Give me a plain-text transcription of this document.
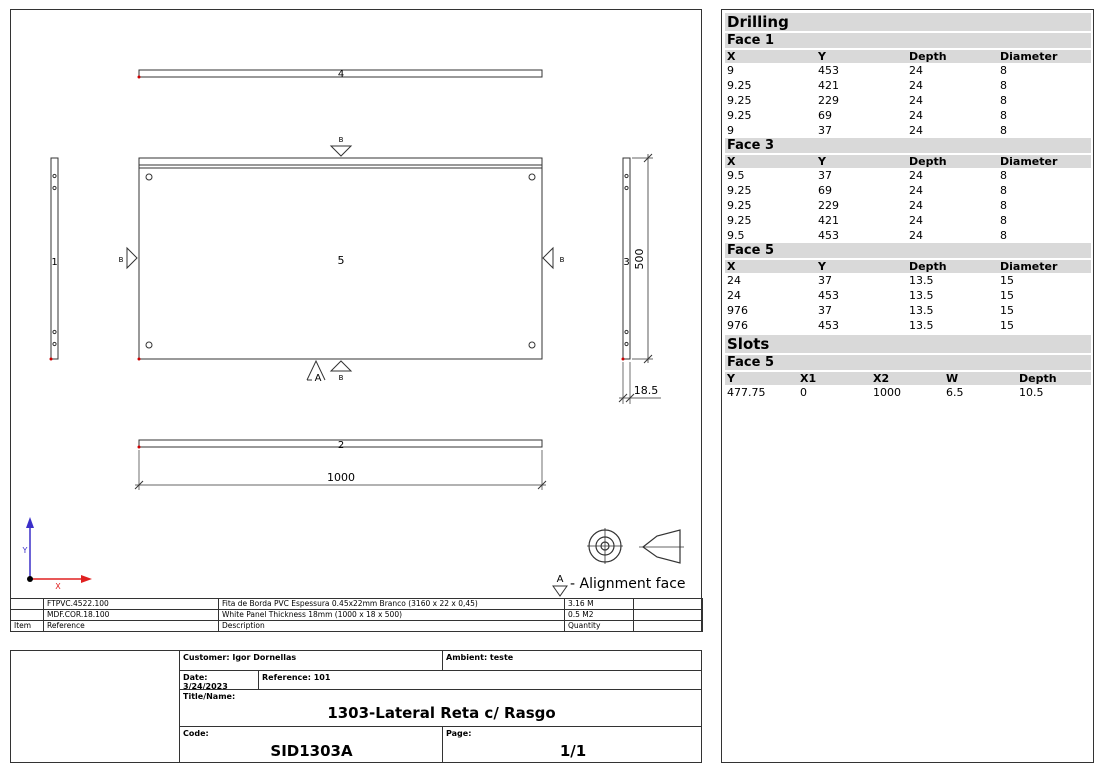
4
5
B
B	B
B
A
1	3 500
18.5
2
1000
Y
X
A - Alignment face
	FTPVC.4522.100	Fita de Borda PVC Espessura 0.45x22mm Branco (3160 x 22 x 0,45)	3.16 M	
	MDF.COR.18.100	White Panel Thickness 18mm (1000 x 18 x 500)	0.5 M2	
Item	Reference	Description	Quantity	
Customer: Igor Dornellas	Ambient: teste
Date: 3/24/2023
Reference: 101
Title/Name:
1303-Lateral Reta c/ Rasgo
Code:
SID1303A
Page:
1/1
Drilling			

Face 1			

X	Y	Depth	Diameter
9	453	24	8
9.25	421	24	8
9.25	229	24	8
9.25	69	24	8
9	37	24	8
Face 3			

X	Y	Depth	Diameter
9.5	37	24	8
9.25	69	24	8
9.25	229	24	8
9.25	421	24	8
9.5	453	24	8
Face 5			

X	Y	Depth	Diameter
24	37	13.5	15
24	453	13.5	15
976	37	13.5	15
976	453	13.5	15

Slots				

Face 5				

Y	X1	X2	W	Depth
477.75	0	1000	6.5	10.5
